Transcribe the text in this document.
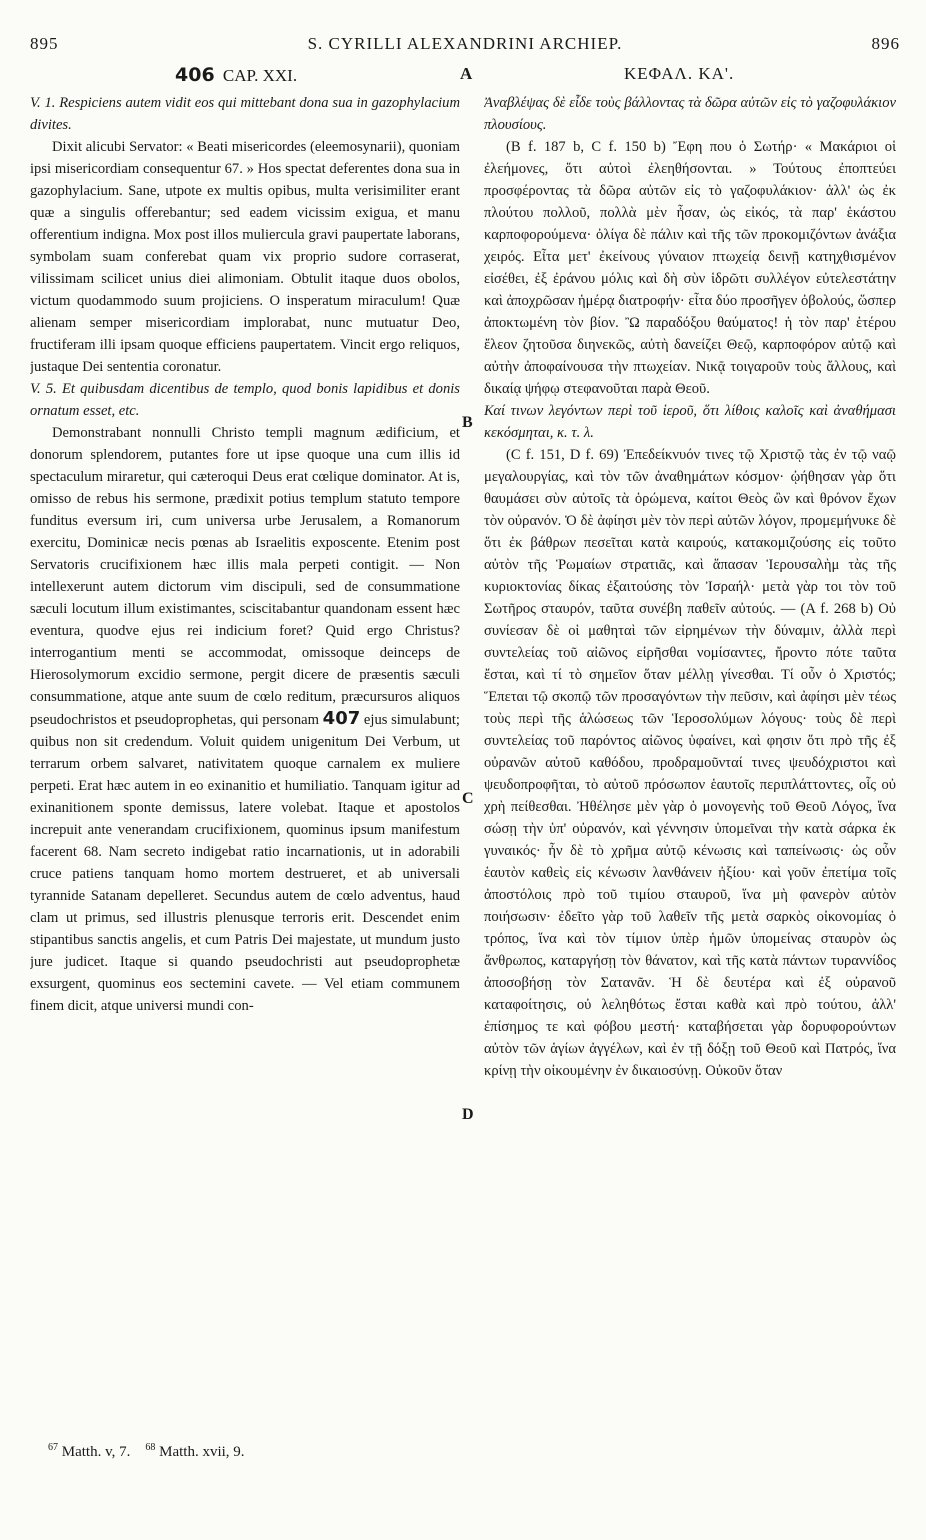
895	S. CYRILLI ALEXANDRINI ARCHIEP.	896
406 CAP. XXI.	A	ΚΕΦΑΛ. ΚΑ'.

V. 1. Respiciens autem vidit eos qui mittebant dona sua in gazophylacium divites.

Dixit alicubi Servator: « Beati misericordes (eleemosynarii), quoniam ipsi misericordiam consequentur 67. » Hos spectat deferentes dona sua in gazophylacium. Sane, utpote ex multis opibus, multa verisimiliter erant quæ a singulis offerebantur; sed eadem vicissim exigua, et manu offerentium indigna. Mox post illos muliercula gravi paupertate laborans, symbolam suam conferebat quam vix proprio sudore corraserat, vilissimam scilicet unius diei alimoniam. Obtulit itaque duos obolos, victum quodammodo suum projiciens. O insperatum miraculum! Quæ alienam semper misericordiam implorabat, nunc mutuatur Deo, fructiferam illi ipsam quoque efficiens paupertatem. Vincit ergo reliquos, justaque Dei sententia coronatur.

V. 5. Et quibusdam dicentibus de templo, quod bonis lapidibus et donis ornatum esset, etc.

Demonstrabant nonnulli Christo templi magnum ædificium, et donorum splendorem, putantes fore ut ipse quoque una cum illis id spectaculum miraretur, qui cæteroqui Deus erat cœlique dominator. At is, omisso de rebus his sermone, prædixit potius templum statuto tempore funditus eversum iri, cum universa urbe Jerusalem, a Romanorum exercitu, Dominicæ necis pœnas ab Israelitis exposcente. Etenim post Servatoris crucifixionem hæc illis mala perpeti contigit. — Non intellexerunt autem dictorum vim discipuli, sed de consummatione sæculi locutum illum existimantes, sciscitabantur quandonam essent hæc eventura, quodve ejus rei indicium foret? Quid ergo Christus? interrogantium menti se accommodat, omissoque deinceps de Hierosolymorum excidio sermone, pergit dicere de præsentis sæculi consummatione, atque ante suum de cœlo reditum, præcursuros aliquos pseudochristos et pseudoprophetas, qui personam 407 ejus simulabunt; quibus non sit credendum. Voluit quidem unigenitum Dei Verbum, ut terrarum orbem salvaret, nativitatem quoque carnalem ex muliere perpeti. Erat hæc autem in eo exinanitio et humiliatio. Tanquam igitur ad exinanitionem sponte demissus, latere volebat. Itaque et apostolos increpuit ante venerandam crucifixionem, quominus ipsum manifestum facerent 68. Nam secreto indigebat ratio incarnationis, ut in adorabili cruce patiens tanquam homo mortem destrueret, et ab universali tyrannide Satanam depelleret. Secundus autem de cœlo adventus, haud clam ut primus, sed illustris plenusque terroris erit. Descendet enim stipantibus sanctis angelis, et cum Patris Dei majestate, ut mundum justo jure judicet. Itaque si quando pseudochristi aut pseudoprophetæ exsurgent, quominus eos sectemini cavete. — Vel etiam communem finem dicit, atque universi mundi con-

B
C
D

Ἀναβλέψας δὲ εἶδε τοὺς βάλλοντας τὰ δῶρα αὐτῶν εἰς τὸ γαζοφυλάκιον πλουσίους.

(B f. 187 b, C f. 150 b) Ἔφη που ὁ Σωτήρ· « Μακάριοι οἱ ἐλεήμονες, ὅτι αὐτοὶ ἐλεηθήσονται. » Τούτους ἐποπτεύει προσφέροντας τὰ δῶρα αὐτῶν εἰς τὸ γαζοφυλάκιον· ἀλλ' ὡς ἐκ πλούτου πολλοῦ, πολλὰ μὲν ἦσαν, ὡς εἰκός, τὰ παρ' ἑκάστου καρποφορούμενα· ὀλίγα δὲ πάλιν καὶ τῆς τῶν προκομιζόντων ἀνάξια χειρός. Εἶτα μετ' ἐκείνους γύναιον πτωχείᾳ δεινῇ κατηχθισμένον εἰσέθει, ἐξ ἐράνου μόλις καὶ δὴ σὺν ἱδρῶτι συλλέγον εὐτελεστάτην καὶ ἀποχρῶσαν ἡμέρᾳ διατροφήν· εἶτα δύο προσῆγεν ὀβολούς, ὥσπερ ἀποκτωμένη τὸν βίον. Ὢ παραδόξου θαύματος! ἡ τὸν παρ' ἑτέρου ἔλεον ζητοῦσα διηνεκῶς, αὐτὴ δανείζει Θεῷ, καρποφόρον αὐτῷ καὶ αὐτὴν ἀποφαίνουσα τὴν πτωχείαν. Νικᾷ τοιγαροῦν τοὺς ἄλλους, καὶ δικαίᾳ ψήφῳ στεφανοῦται παρὰ Θεοῦ.

Καί τινων λεγόντων περὶ τοῦ ἱεροῦ, ὅτι λίθοις καλοῖς καὶ ἀναθήμασι κεκόσμηται, κ. τ. λ.

(C f. 151, D f. 69) Ἐπεδείκνυόν τινες τῷ Χριστῷ τὰς ἐν τῷ ναῷ μεγαλουργίας, καὶ τὸν τῶν ἀναθημάτων κόσμον· ᾠήθησαν γὰρ ὅτι θαυμάσει σὺν αὐτοῖς τὰ ὁρώμενα, καίτοι Θεὸς ὢν καὶ θρόνον ἔχων τὸν οὐρανόν. Ὁ δὲ ἀφίησι μὲν τὸν περὶ αὐτῶν λόγον, προμεμήνυκε δὲ ὅτι ἐκ βάθρων πεσεῖται κατὰ καιρούς, κατακομιζούσης εἰς τοῦτο αὐτὸν τῆς Ῥωμαίων στρατιᾶς, καὶ ἅπασαν Ἱερουσαλὴμ τὰς τῆς κυριοκτονίας δίκας ἐξαιτούσης τὸν Ἰσραήλ· μετὰ γὰρ τοι τὸν τοῦ Σωτῆρος σταυρόν, ταῦτα συνέβη παθεῖν αὐτούς. — (A f. 268 b) Οὐ συνίεσαν δὲ οἱ μαθηταὶ τῶν εἰρημένων τὴν δύναμιν, ἀλλὰ περὶ συντελείας τοῦ αἰῶνος εἰρῆσθαι νομίσαντες, ἤροντο πότε ταῦτα ἔσται, καὶ τί τὸ σημεῖον ὅταν μέλλῃ γίνεσθαι. Τί οὖν ὁ Χριστός; Ἕπεται τῷ σκοπῷ τῶν προσαγόντων τὴν πεῦσιν, καὶ ἀφίησι μὲν τέως τοὺς περὶ τῆς ἁλώσεως τῶν Ἱεροσολύμων λόγους· τοὺς δὲ περὶ συντελείας τοῦ παρόντος αἰῶνος ὑφαίνει, καὶ φησιν ὅτι πρὸ τῆς ἐξ οὐρανῶν αὐτοῦ καθόδου, προδραμοῦνταί τινες ψευδόχριστοι καὶ ψευδοπροφῆται, τὸ αὐτοῦ πρόσωπον ἑαυτοῖς περιπλάττοντες, οἷς οὐ χρὴ πείθεσθαι. Ἠθέλησε μὲν γὰρ ὁ μονογενὴς τοῦ Θεοῦ Λόγος, ἵνα σώσῃ τὴν ὑπ' οὐρανόν, καὶ γέννησιν ὑπομεῖναι τὴν κατὰ σάρκα ἐκ γυναικός· ἦν δὲ τὸ χρῆμα αὐτῷ κένωσις καὶ ταπείνωσις· ὡς οὖν ἑαυτὸν καθεὶς εἰς κένωσιν λανθάνειν ἠξίου· καὶ γοῦν ἐπετίμα τοῖς ἀποστόλοις πρὸ τοῦ τιμίου σταυροῦ, ἵνα μὴ φανερὸν αὐτὸν ποιήσωσιν· ἐδεῖτο γὰρ τοῦ λαθεῖν τῆς μετὰ σαρκὸς οἰκονομίας ὁ τρόπος, ἵνα καὶ τὸν τίμιον ὑπὲρ ἡμῶν ὑπομείνας σταυρὸν ὡς ἄνθρωπος, καταργήσῃ τὸν θάνατον, καὶ τῆς κατὰ πάντων τυραννίδος ἀποσοβήσῃ τὸν Σατανᾶν. Ἡ δὲ δευτέρα καὶ ἐξ οὐρανοῦ καταφοίτησις, οὐ λεληθότως ἔσται καθὰ καὶ πρὸ τούτου, ἀλλ' ἐπίσημος τε καὶ φόβου μεστή· καταβήσεται γὰρ δορυφορούντων αὐτὸν τῶν ἁγίων ἀγγέλων, καὶ ἐν τῇ δόξῃ τοῦ Θεοῦ καὶ Πατρός, ἵνα κρίνῃ τὴν οἰκουμένην ἐν δικαιοσύνῃ. Οὐκοῦν ὅταν

$^{67}$ Matth. v, 7. $^{68}$ Matth. xvii, 9.
